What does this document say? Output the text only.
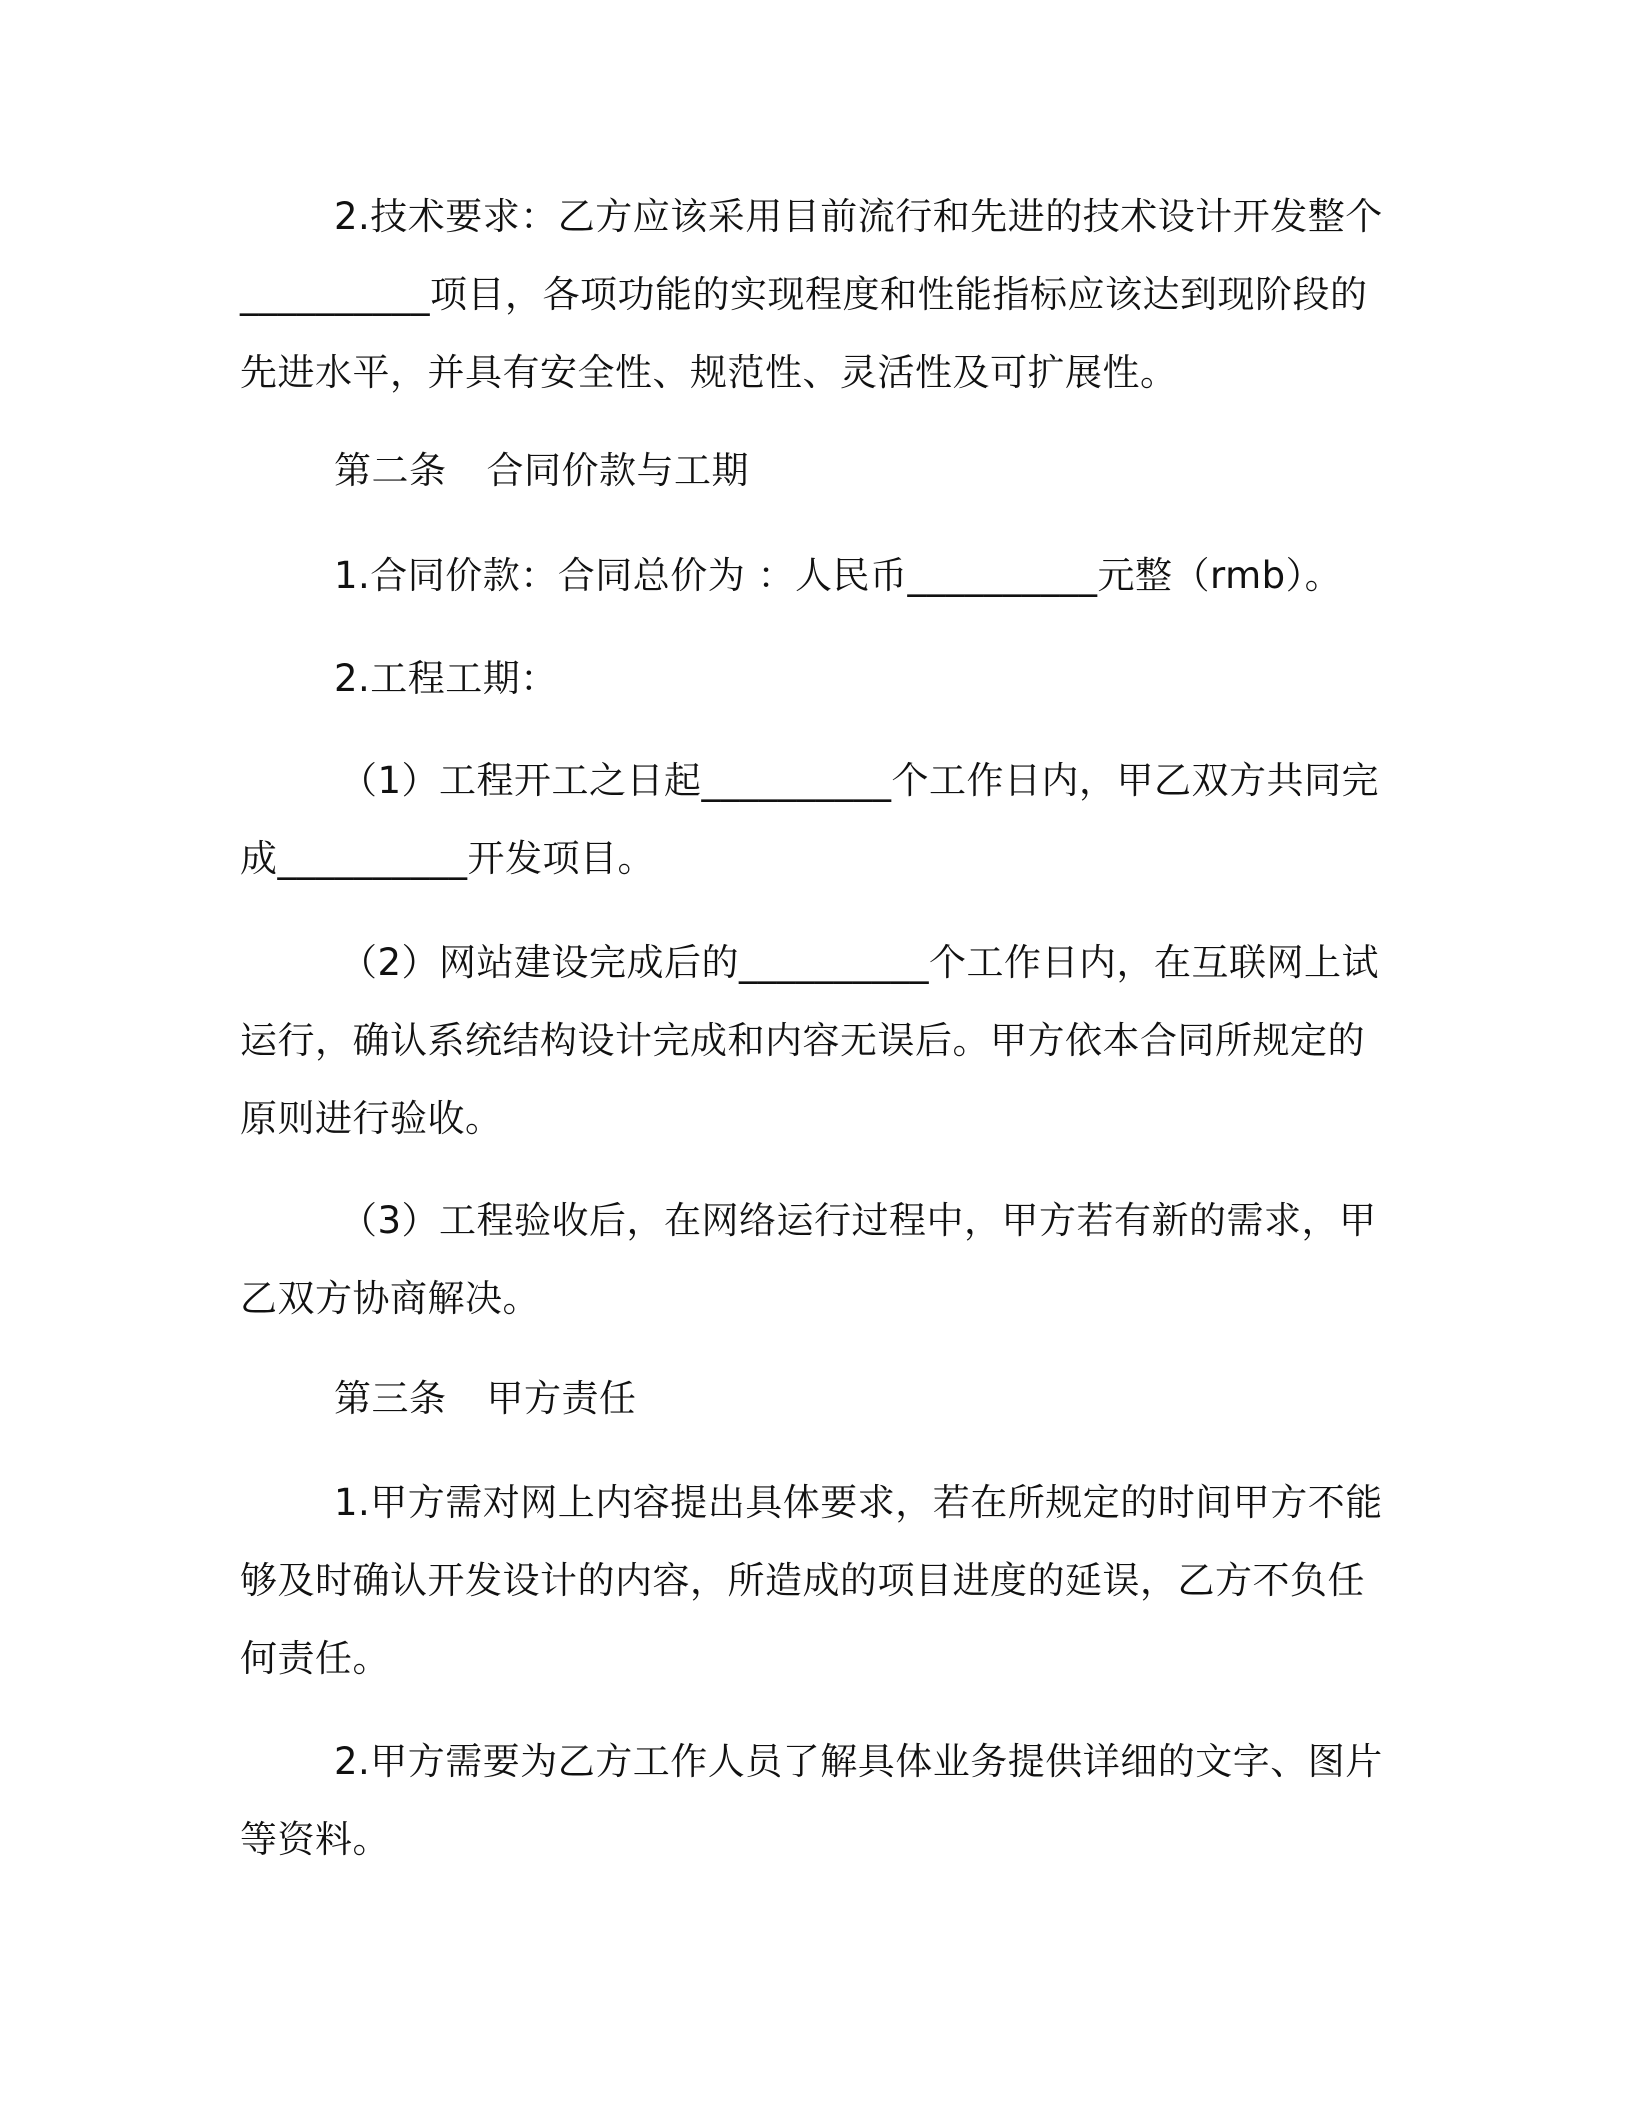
2.技术要求：乙方应该采用目前流行和先进的技术设计开发整个
__________项目，各项功能的实现程度和性能指标应该达到现阶段的
先进水平，并具有安全性、规范性、灵活性及可扩展性。
第二条 合同价款与工期
1.合同价款：合同总价为 ：人民币__________元整（rmb）。
2.工程工期：
（1）工程开工之日起__________个工作日内，甲乙双方共同完
成__________开发项目。
（2）网站建设完成后的__________个工作日内，在互联网上试
运行，确认系统结构设计完成和内容无误后。甲方依本合同所规定的
原则进行验收。
（3）工程验收后，在网络运行过程中，甲方若有新的需求，甲
乙双方协商解决。
第三条 甲方责任
1.甲方需对网上内容提出具体要求，若在所规定的时间甲方不能
够及时确认开发设计的内容，所造成的项目进度的延误，乙方不负任
何责任。
2.甲方需要为乙方工作人员了解具体业务提供详细的文字、图片
等资料。
